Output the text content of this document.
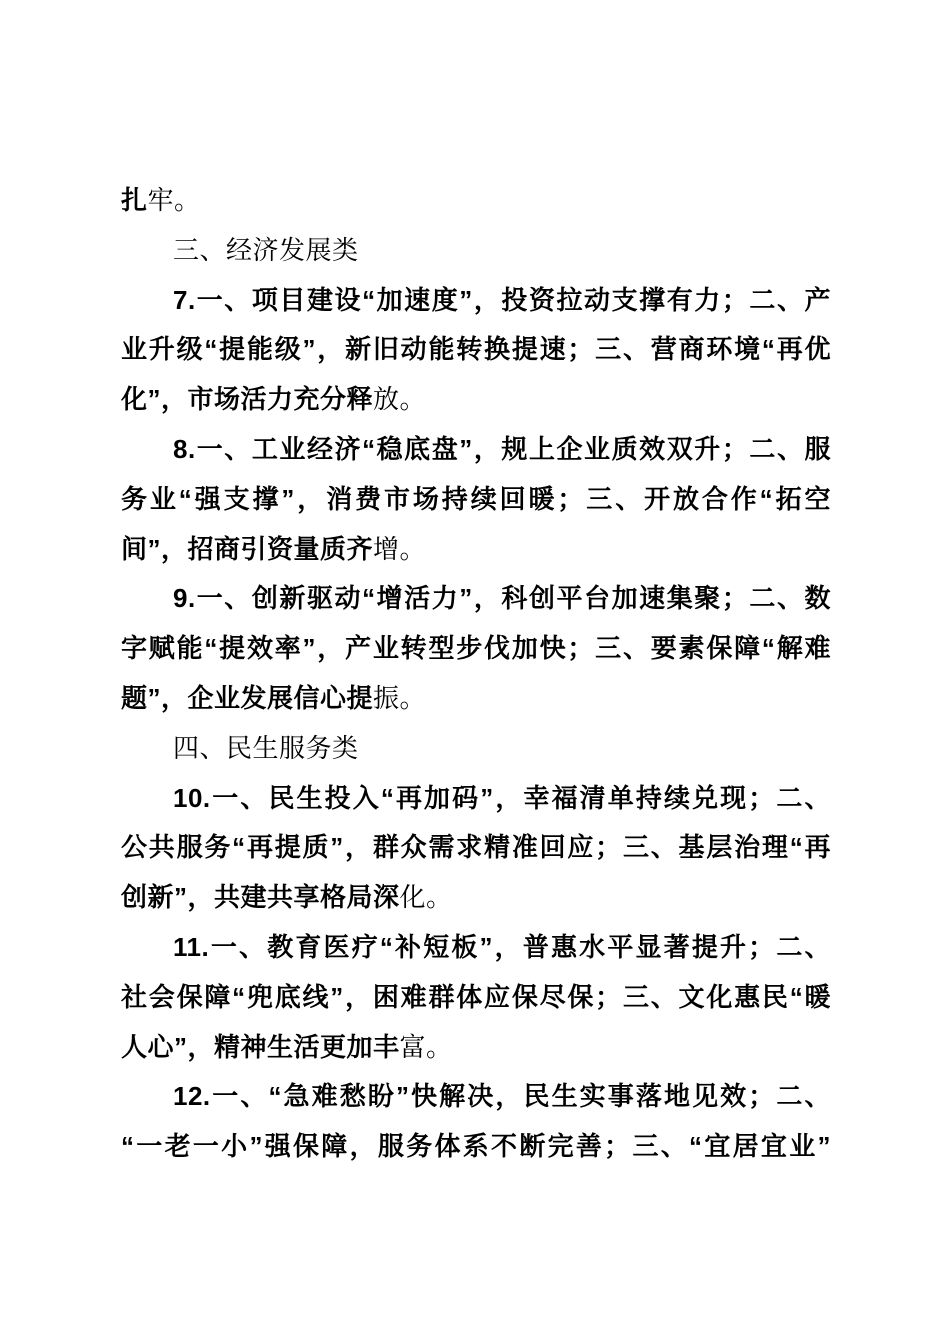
扎牢。
三、经济发展类
7.一、项目建设“加速度”，投资拉动支撑有力；二、产
业升级“提能级”，新旧动能转换提速；三、营商环境“再优
化”，市场活力充分释放。
8.一、工业经济“稳底盘”，规上企业质效双升；二、服
务业“强支撑”，消费市场持续回暖；三、开放合作“拓空
间”，招商引资量质齐增。
9.一、创新驱动“增活力”，科创平台加速集聚；二、数
字赋能“提效率”，产业转型步伐加快；三、要素保障“解难
题”，企业发展信心提振。
四、民生服务类
10.一、民生投入“再加码”，幸福清单持续兑现；二、
公共服务“再提质”，群众需求精准回应；三、基层治理“再
创新”，共建共享格局深化。
11.一、教育医疗“补短板”，普惠水平显著提升；二、
社会保障“兜底线”，困难群体应保尽保；三、文化惠民“暖
人心”，精神生活更加丰富。
12.一、“急难愁盼”快解决，民生实事落地见效；二、
“一老一小”强保障，服务体系不断完善；三、“宜居宜业”
